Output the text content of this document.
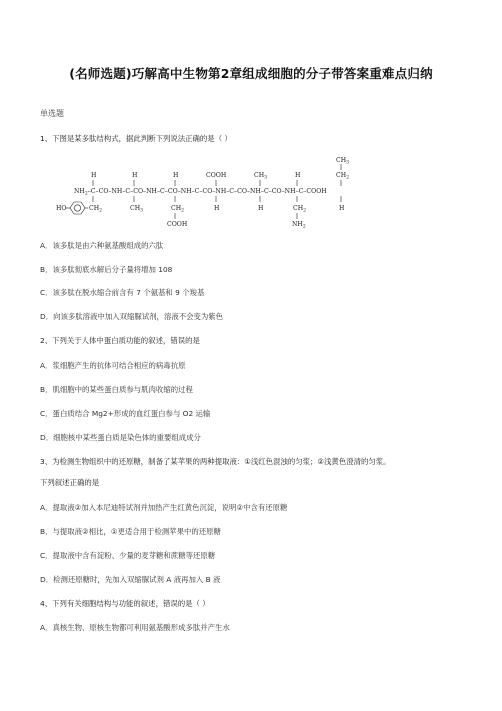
(名师选题)巧解高中生物第2章组成细胞的分子带答案重难点归纳
单选题
1、下图是某多肽结构式，据此判断下列说法正确的是（ ）
$CH_3$
H	H	H	COOH	$CH_3$	H	$CH_2$
$NH_2-C-CO-NH-C-CO-NH-C-CO-NH-C-CO-NH-C-CO-NH-C-CO-NH-C$–COOH
HO	$CH_2$	$CH_3$	$CH_2$	H	H	$CH_2$	H
COOH	$NH_2$
A．该多肽是由六种氨基酸组成的六肽
B．该多肽彻底水解后分子量将增加 108
C．该多肽在脱水缩合前含有 7 个氨基和 9 个羧基
D．向该多肽溶液中加入双缩脲试剂，溶液不会变为紫色
2、下列关于人体中蛋白质功能的叙述，错误的是
A．浆细胞产生的抗体可结合相应的病毒抗原
B．肌细胞中的某些蛋白质参与肌肉收缩的过程
C．蛋白质结合 Mg2+形成的血红蛋白参与 O2 运输
D．细胞核中某些蛋白质是染色体的重要组成成分
3、为检测生物组织中的还原糖，制备了某苹果的两种提取液：①浅红色混浊的匀浆；②浅黄色澄清的匀浆。
下列叙述正确的是
A．提取液②加入本尼迪特试剂并加热产生红黄色沉淀，说明②中含有还原糖
B．与提取液②相比，①更适合用于检测苹果中的还原糖
C．提取液中含有淀粉、少量的麦芽糖和蔗糖等还原糖
D．检测还原糖时，先加入双缩脲试剂 A 液再加入 B 液
4、下列有关细胞结构与功能的叙述，错误的是（ ）
A．真核生物、原核生物都可利用氨基酸形成多肽并产生水
